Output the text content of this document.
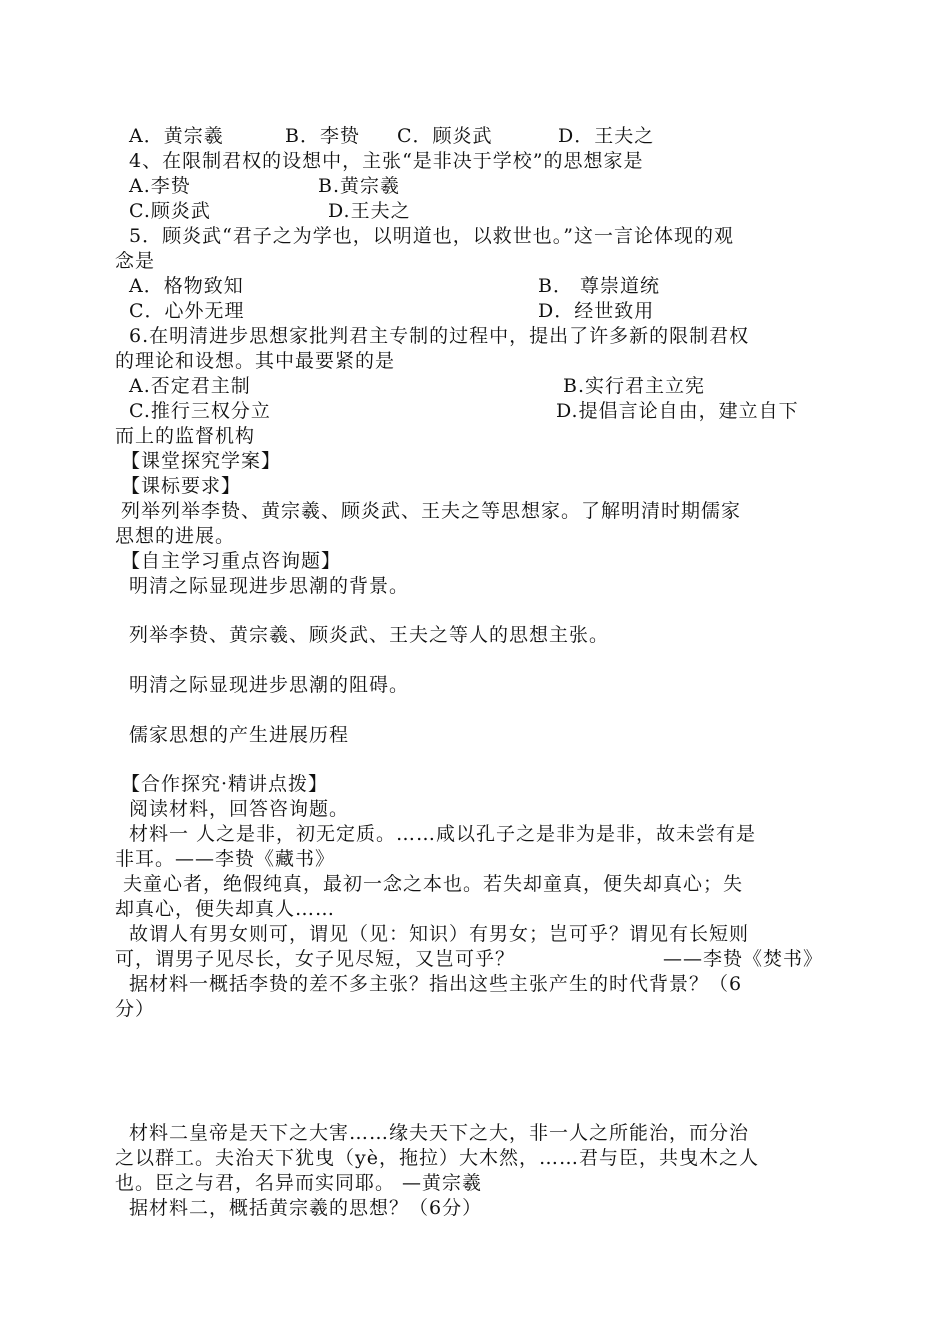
A．黄宗羲	B．李贽 C．顾炎武	D．王夫之
4、在限制君权的设想中，主张“是非决于学校”的思想家是
A.李贽	B.黄宗羲
C.顾炎武	D.王夫之
5．顾炎武“君子之为学也，以明道也，以救世也。”这一言论体现的观
念是
A．格物致知	B． 尊崇道统
C．心外无理	D．经世致用
6.在明清进步思想家批判君主专制的过程中，提出了许多新的限制君权
的理论和设想。其中最要紧的是
A.否定君主制	B.实行君主立宪
C.推行三权分立	D.提倡言论自由，建立自下
而上的监督机构
【课堂探究学案】
【课标要求】
列举列举李贽、黄宗羲、顾炎武、王夫之等思想家。了解明清时期儒家
思想的进展。
【自主学习重点咨询题】
明清之际显现进步思潮的背景。
列举李贽、黄宗羲、顾炎武、王夫之等人的思想主张。
明清之际显现进步思潮的阻碍。
儒家思想的产生进展历程
【合作探究·精讲点拨】
阅读材料，回答咨询题。
材料一 人之是非，初无定质。……咸以孔子之是非为是非，故未尝有是
非耳。——李贽《藏书》
夫童心者，绝假纯真，最初一念之本也。若失却童真，便失却真心；失
却真心，便失却真人……
故谓人有男女则可，谓见（见：知识）有男女；岂可乎？谓见有长短则
可，谓男子见尽长，女子见尽短，又岂可乎？	——李贽《焚书》
据材料一概括李贽的差不多主张？指出这些主张产生的时代背景？（6
分）
材料二皇帝是天下之大害……缘夫天下之大，非一人之所能治，而分治
之以群工。夫治天下犹曳（yè，拖拉）大木然，……君与臣，共曳木之人
也。臣之与君，名异而实同耶。 —黄宗羲
据材料二，概括黄宗羲的思想？（6分）
